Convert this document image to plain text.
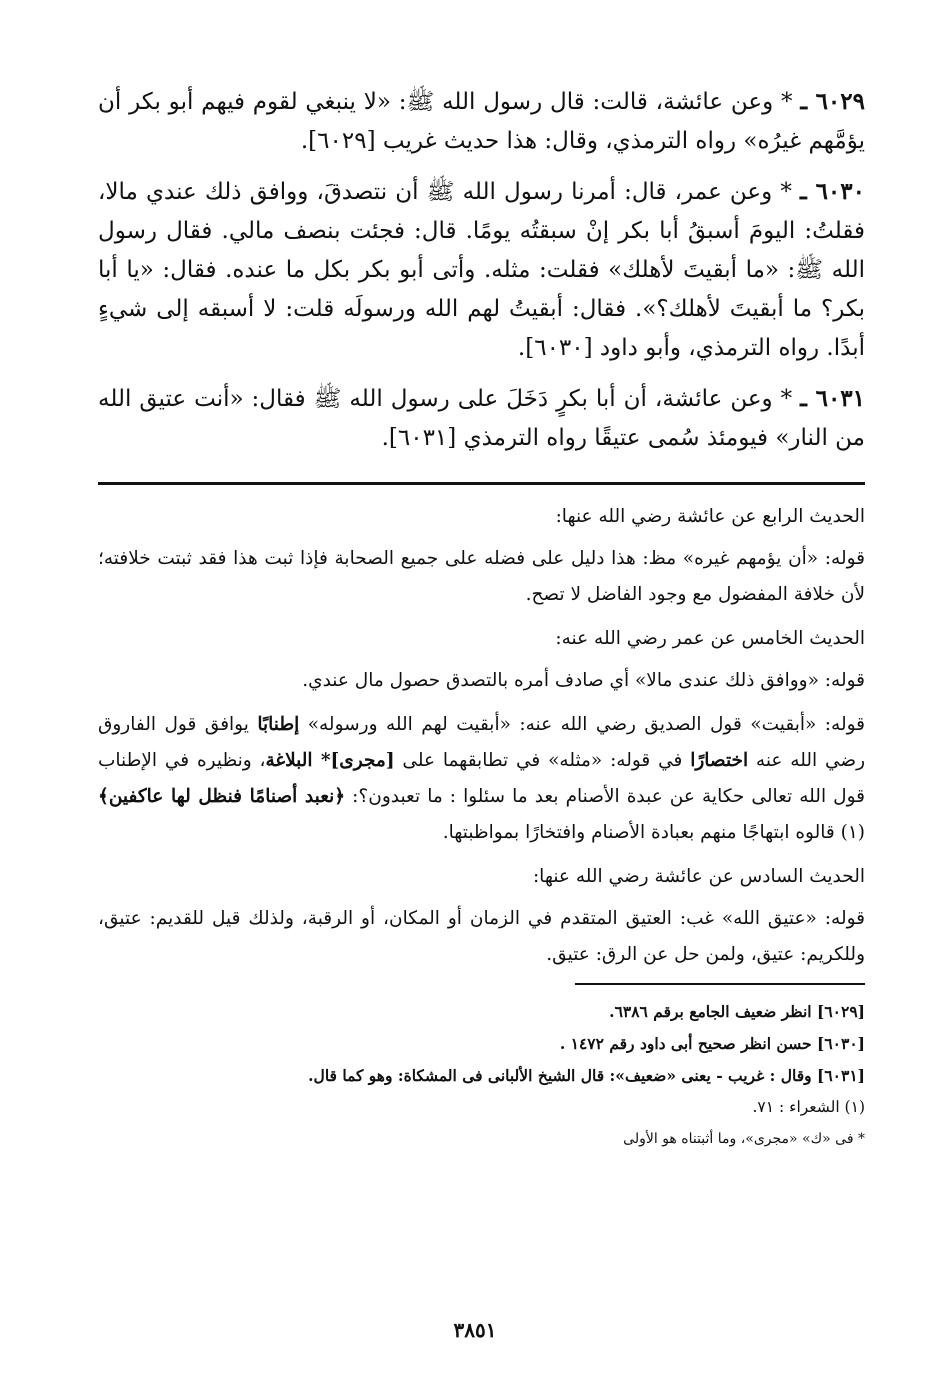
٦٠٢٩ ـ * وعن عائشة، قالت: قال رسول الله ﷺ: «لا ينبغي لقوم فيهم أبو بكر أن يؤمَّهم غيرُه» رواه الترمذي، وقال: هذا حديث غريب [٦٠٢٩].

٦٠٣٠ ـ * وعن عمر، قال: أمرنا رسول الله ﷺ أن نتصدقَ، ووافق ذلك عندي مالا، فقلتُ: اليومَ أسبقُ أبا بكر إنْ سبقتُه يومًا. قال: فجئت بنصف مالي. فقال رسول الله ﷺ: «ما أبقيتَ لأهلك» فقلت: مثله. وأتى أبو بكر بكل ما عنده. فقال: «يا أبا بكر؟ ما أبقيتَ لأهلك؟». فقال: أبقيتُ لهم الله ورسولَه قلت: لا أسبقه إلى شيءٍ أبدًا. رواه الترمذي، وأبو داود [٦٠٣٠].

٦٠٣١ ـ * وعن عائشة، أن أبا بكرٍ دَخَلَ على رسول الله ﷺ فقال: «أنت عتيق الله من النار» فيومئذ سُمى عتيقًا رواه الترمذي [٦٠٣١].

الحديث الرابع عن عائشة رضي الله عنها:

قوله: «أن يؤمهم غيره» مظ: هذا دليل على فضله على جميع الصحابة فإذا ثبت هذا فقد ثبتت خلافته؛ لأن خلافة المفضول مع وجود الفاضل لا تصح.

الحديث الخامس عن عمر رضي الله عنه:

قوله: «ووافق ذلك عندى مالا» أي صادف أمره بالتصدق حصول مال عندي.

قوله: «أبقيت» قول الصديق رضي الله عنه: «أبقيت لهم الله ورسوله» إطنابًا يوافق قول الفاروق رضي الله عنه اختصارًا في قوله: «مثله» في تطابقهما على [مجرى]* البلاغة، ونظيره في الإطناب قول الله تعالى حكاية عن عبدة الأصنام بعد ما سئلوا : ما تعبدون؟: ﴿نعبد أصنامًا فنظل لها عاكفين﴾(١) قالوه ابتهاجًا منهم بعبادة الأصنام وافتخارًا بمواظبتها.

الحديث السادس عن عائشة رضي الله عنها:

قوله: «عتيق الله» غب: العتيق المتقدم في الزمان أو المكان، أو الرقبة، ولذلك قيل للقديم: عتيق، وللكريم: عتيق، ولمن حل عن الرق: عتيق.

[٦٠٢٩] انظر ضعيف الجامع برقم ٦٣٨٦.

[٦٠٣٠] حسن انظر صحيح أبى داود رقم ١٤٧٢ .

[٦٠٣١] وقال : غريب - يعنى «ضعيف»: قال الشيخ الألبانى فى المشكاة: وهو كما قال.

(١) الشعراء : ٧١.

* فى «ك» «مجرى»، وما أثبتناه هو الأولى

٣٨٥١
